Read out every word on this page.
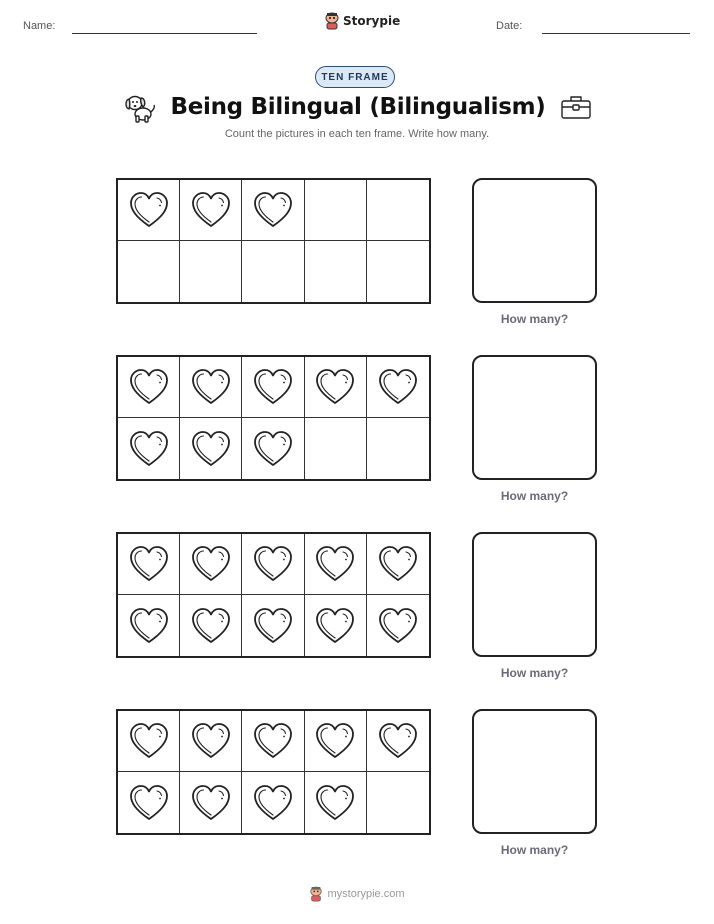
Name:	Storypie	Date:
TEN FRAME
Being Bilingual (Bilingualism)
Count the pictures in each ten frame. Write how many.
How many?
How many?
How many?
How many?
mystorypie.com
